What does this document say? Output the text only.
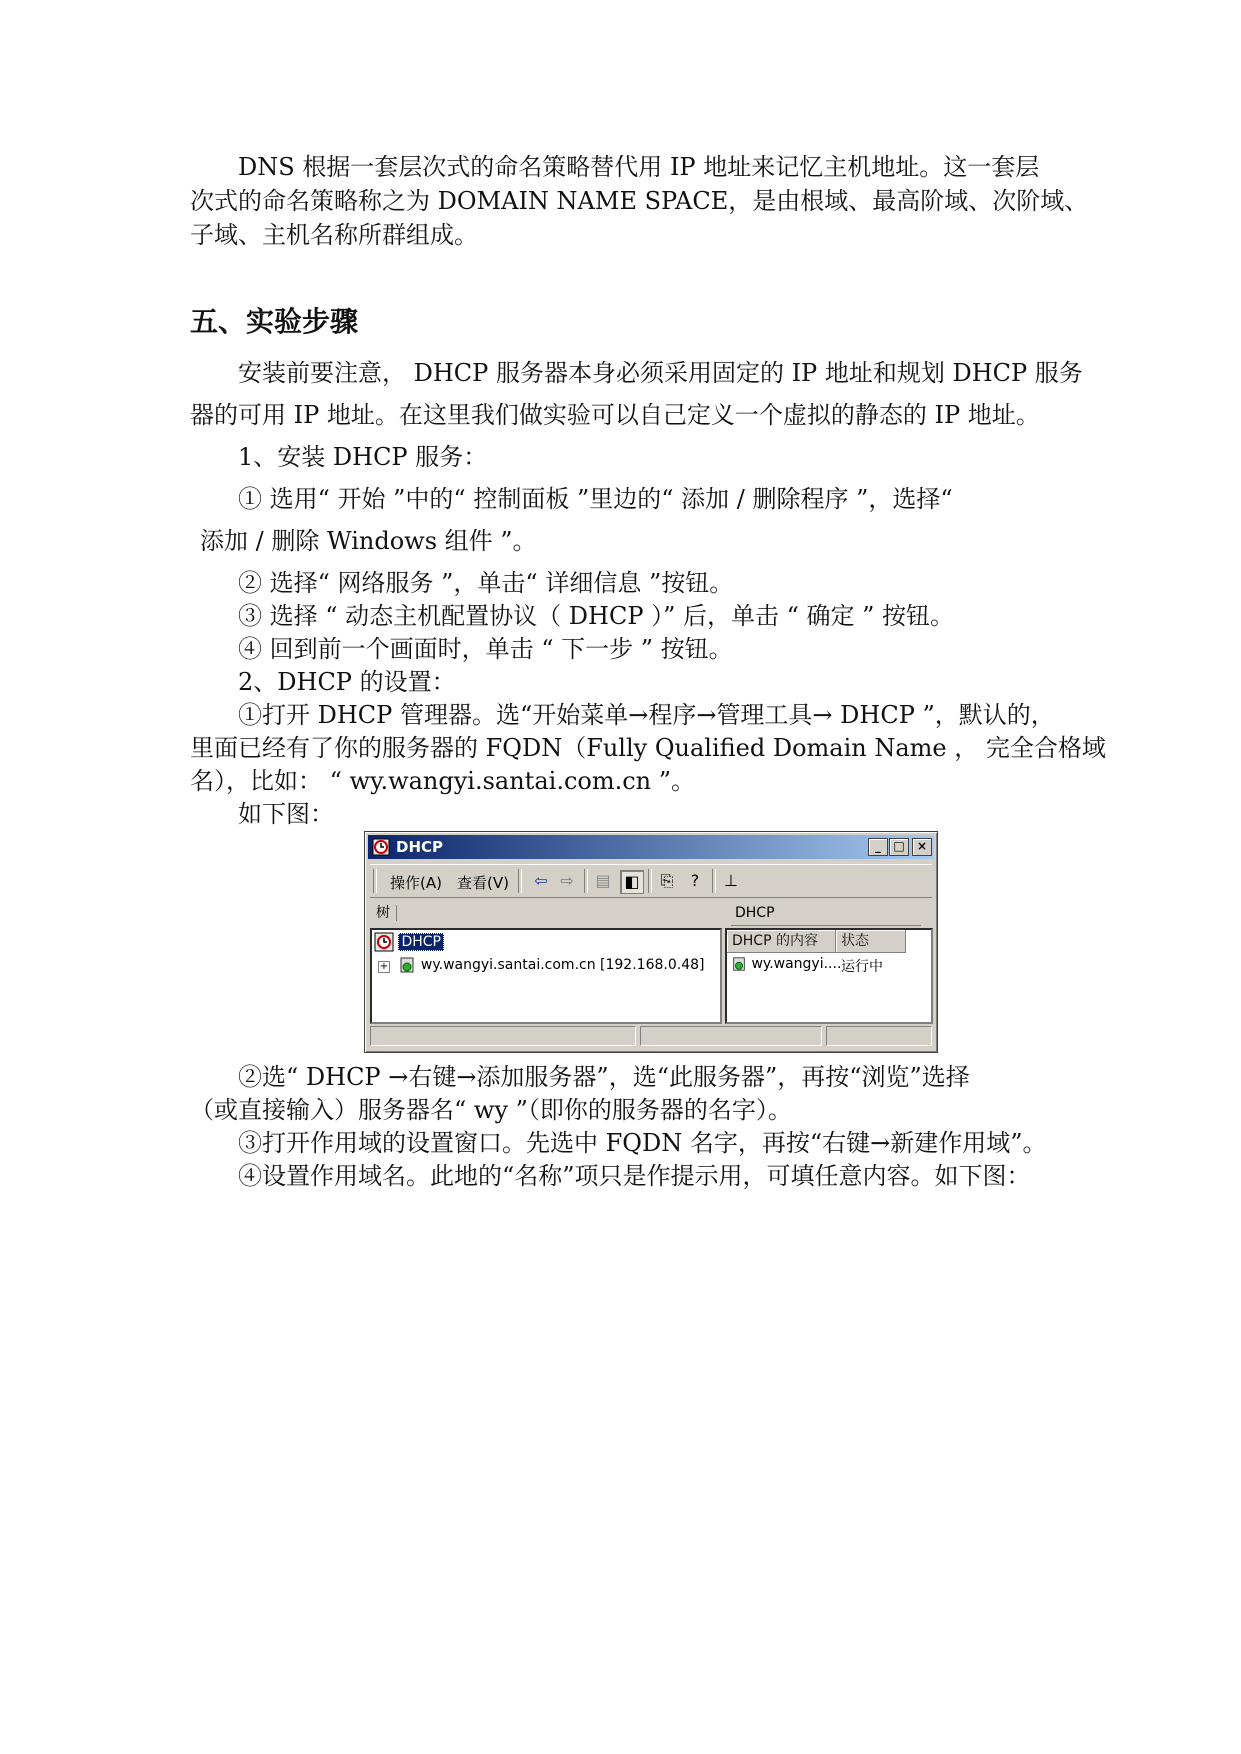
DNS 根据一套层次式的命名策略替代用 IP 地址来记忆主机地址。这一套层

次式的命名策略称之为 DOMAIN NAME SPACE，是由根域、最高阶域、次阶域、

子域、主机名称所群组成。

五、实验步骤

安装前要注意， DHCP 服务器本身必须采用固定的 IP 地址和规划 DHCP 服务

器的可用 IP 地址。在这里我们做实验可以自己定义一个虚拟的静态的 IP 地址。

1、安装 DHCP 服务：

① 选用“ 开始 ”中的“ 控制面板 ”里边的“ 添加 / 删除程序 ”，选择“

添加 / 删除 Windows 组件 ”。

② 选择“ 网络服务 ”，单击“ 详细信息 ”按钮。

③ 选择 “ 动态主机配置协议（ DHCP ）” 后，单击 “ 确定 ” 按钮。

④ 回到前一个画面时，单击 “ 下一步 ” 按钮。

2、DHCP 的设置：

①打开 DHCP 管理器。选“开始菜单→程序→管理工具→ DHCP ”，默认的，

里面已经有了你的服务器的 FQDN（Fully Qualified Domain Name ， 完全合格域

名），比如： “ wy.wangyi.santai.com.cn ”。

如下图：

DHCP	_	□	×
操作(A) 查看(V) ⇦ ⇨ ▤ ◧ ⎘	?	⊥
树	DHCP
DHCP
+ wy.wangyi.santai.com.cn [192.168.0.48]
DHCP 的内容	状态
wy.wangyi.... 运行中

②选“ DHCP →右键→添加服务器”，选“此服务器”，再按“浏览”选择

（或直接输入）服务器名“ wy ”（即你的服务器的名字）。

③打开作用域的设置窗口。先选中 FQDN 名字，再按“右键→新建作用域”。

④设置作用域名。此地的“名称”项只是作提示用，可填任意内容。如下图：
